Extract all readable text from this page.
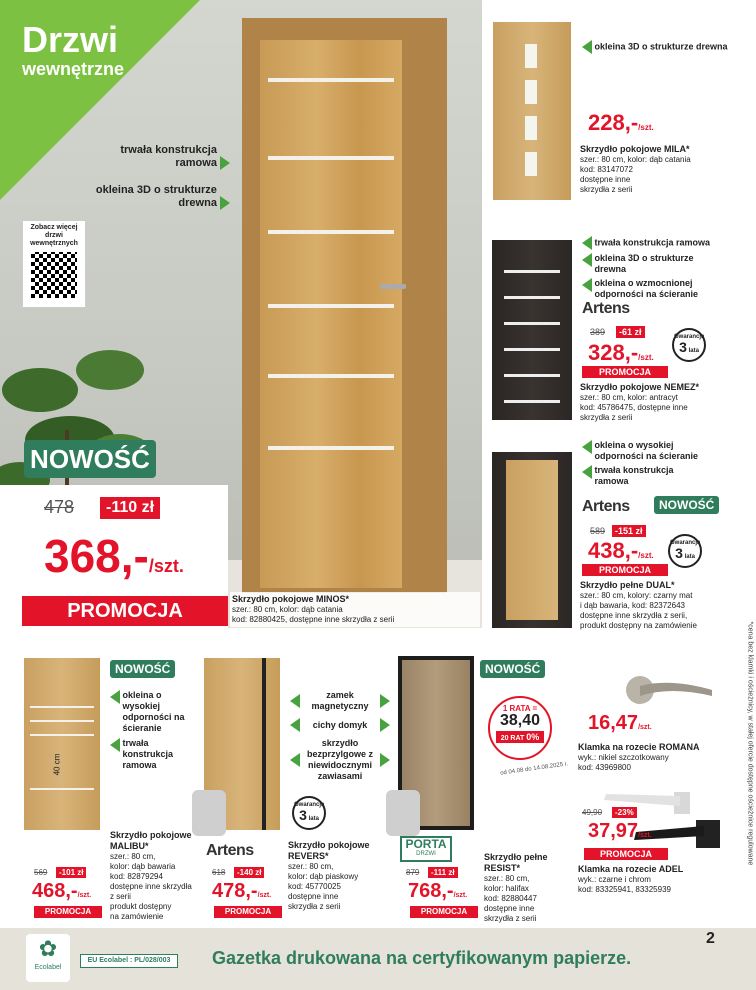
Drzwi
wewnętrzne
trwała konstrukcja ramowa
okleina 3D o strukturze drewna
Zobacz więcej drzwi wewnętrznych
NOWOŚĆ
478	-110 zł
368,-/szt.
PROMOCJA
Skrzydło pokojowe MINOS*
szer.: 80 cm, kolor: dąb catania
kod: 82880425, dostępne inne skrzydła z serii
okleina 3D o strukturze drewna
228,-/szt.
Skrzydło pokojowe MILA*
szer.: 80 cm, kolor: dąb catania
kod: 83147072
dostępne inne
skrzydła z serii
trwała konstrukcja ramowa

okleina 3D o strukturze drewna

okleina o wzmocnionej odporności na ścieranie
Artens
389	-61 zł
328,-/szt.
PROMOCJA
Gwarancja
3 lata
Skrzydło pokojowe NEMEZ*
szer.: 80 cm, kolor: antracyt
kod: 45786475, dostępne inne
skrzydła z serii

okleina o wysokiej odporności na ścieranie

trwała konstrukcja ramowa
Artens	NOWOŚĆ
589	-151 zł
438,-/szt.
PROMOCJA
Gwarancja
3 lata
Skrzydło pełne DUAL*
szer.: 80 cm, kolory: czarny mat
i dąb bawaria, kod: 82372643
dostępne inne skrzydła z serii,
produkt dostępny na zamówienie
40 cm
NOWOŚĆ

okleina o wysokiej odporności na ścieranie

trwała konstrukcja ramowa
569	-101 zł
468,-/szt.
PROMOCJA
Skrzydło pokojowe MALIBU*
szer.: 80 cm,
kolor: dąb bawaria
kod: 82879294
dostępne inne skrzydła
z serii
produkt dostępny
na zamówienie
zamek magnetyczny
cichy domyk
skrzydło bezprzylgowe z niewidocznymi zawiasami
Gwarancja
3 lata
Artens
618	-140 zł
478,-/szt.
PROMOCJA
Skrzydło pokojowe REVERS*
szer.: 80 cm,
kolor: dąb piaskowy
kod: 45770025
dostępne inne
skrzydła z serii
NOWOŚĆ
1 RATA =
38,40
20 RAT 0%
od 04.08 do 14.08.2025 r.
PORTA
DRZWI
879	-111 zł
768,-/szt.
PROMOCJA
Skrzydło pełne RESIST*
szer.: 80 cm,
kolor: halifax
kod: 82880447
dostępne inne
skrzydła z serii
16,47/szt.
Klamka na rozecie ROMANA
wyk.: nikiel szczotkowany
kod: 43969800
49,90	-23%
37,97/szt.
PROMOCJA
Klamka na rozecie ADEL
wyk.: czarne i chrom
kod: 83325941, 83325939
*cena bez klamki i ościeżnicy, w stałej ofercie dostępne ościeżnice regulowane
✿
Ecolabel
EU Ecolabel : PL/028/003	Gazetka drukowana na certyfikowanym papierze.
2
